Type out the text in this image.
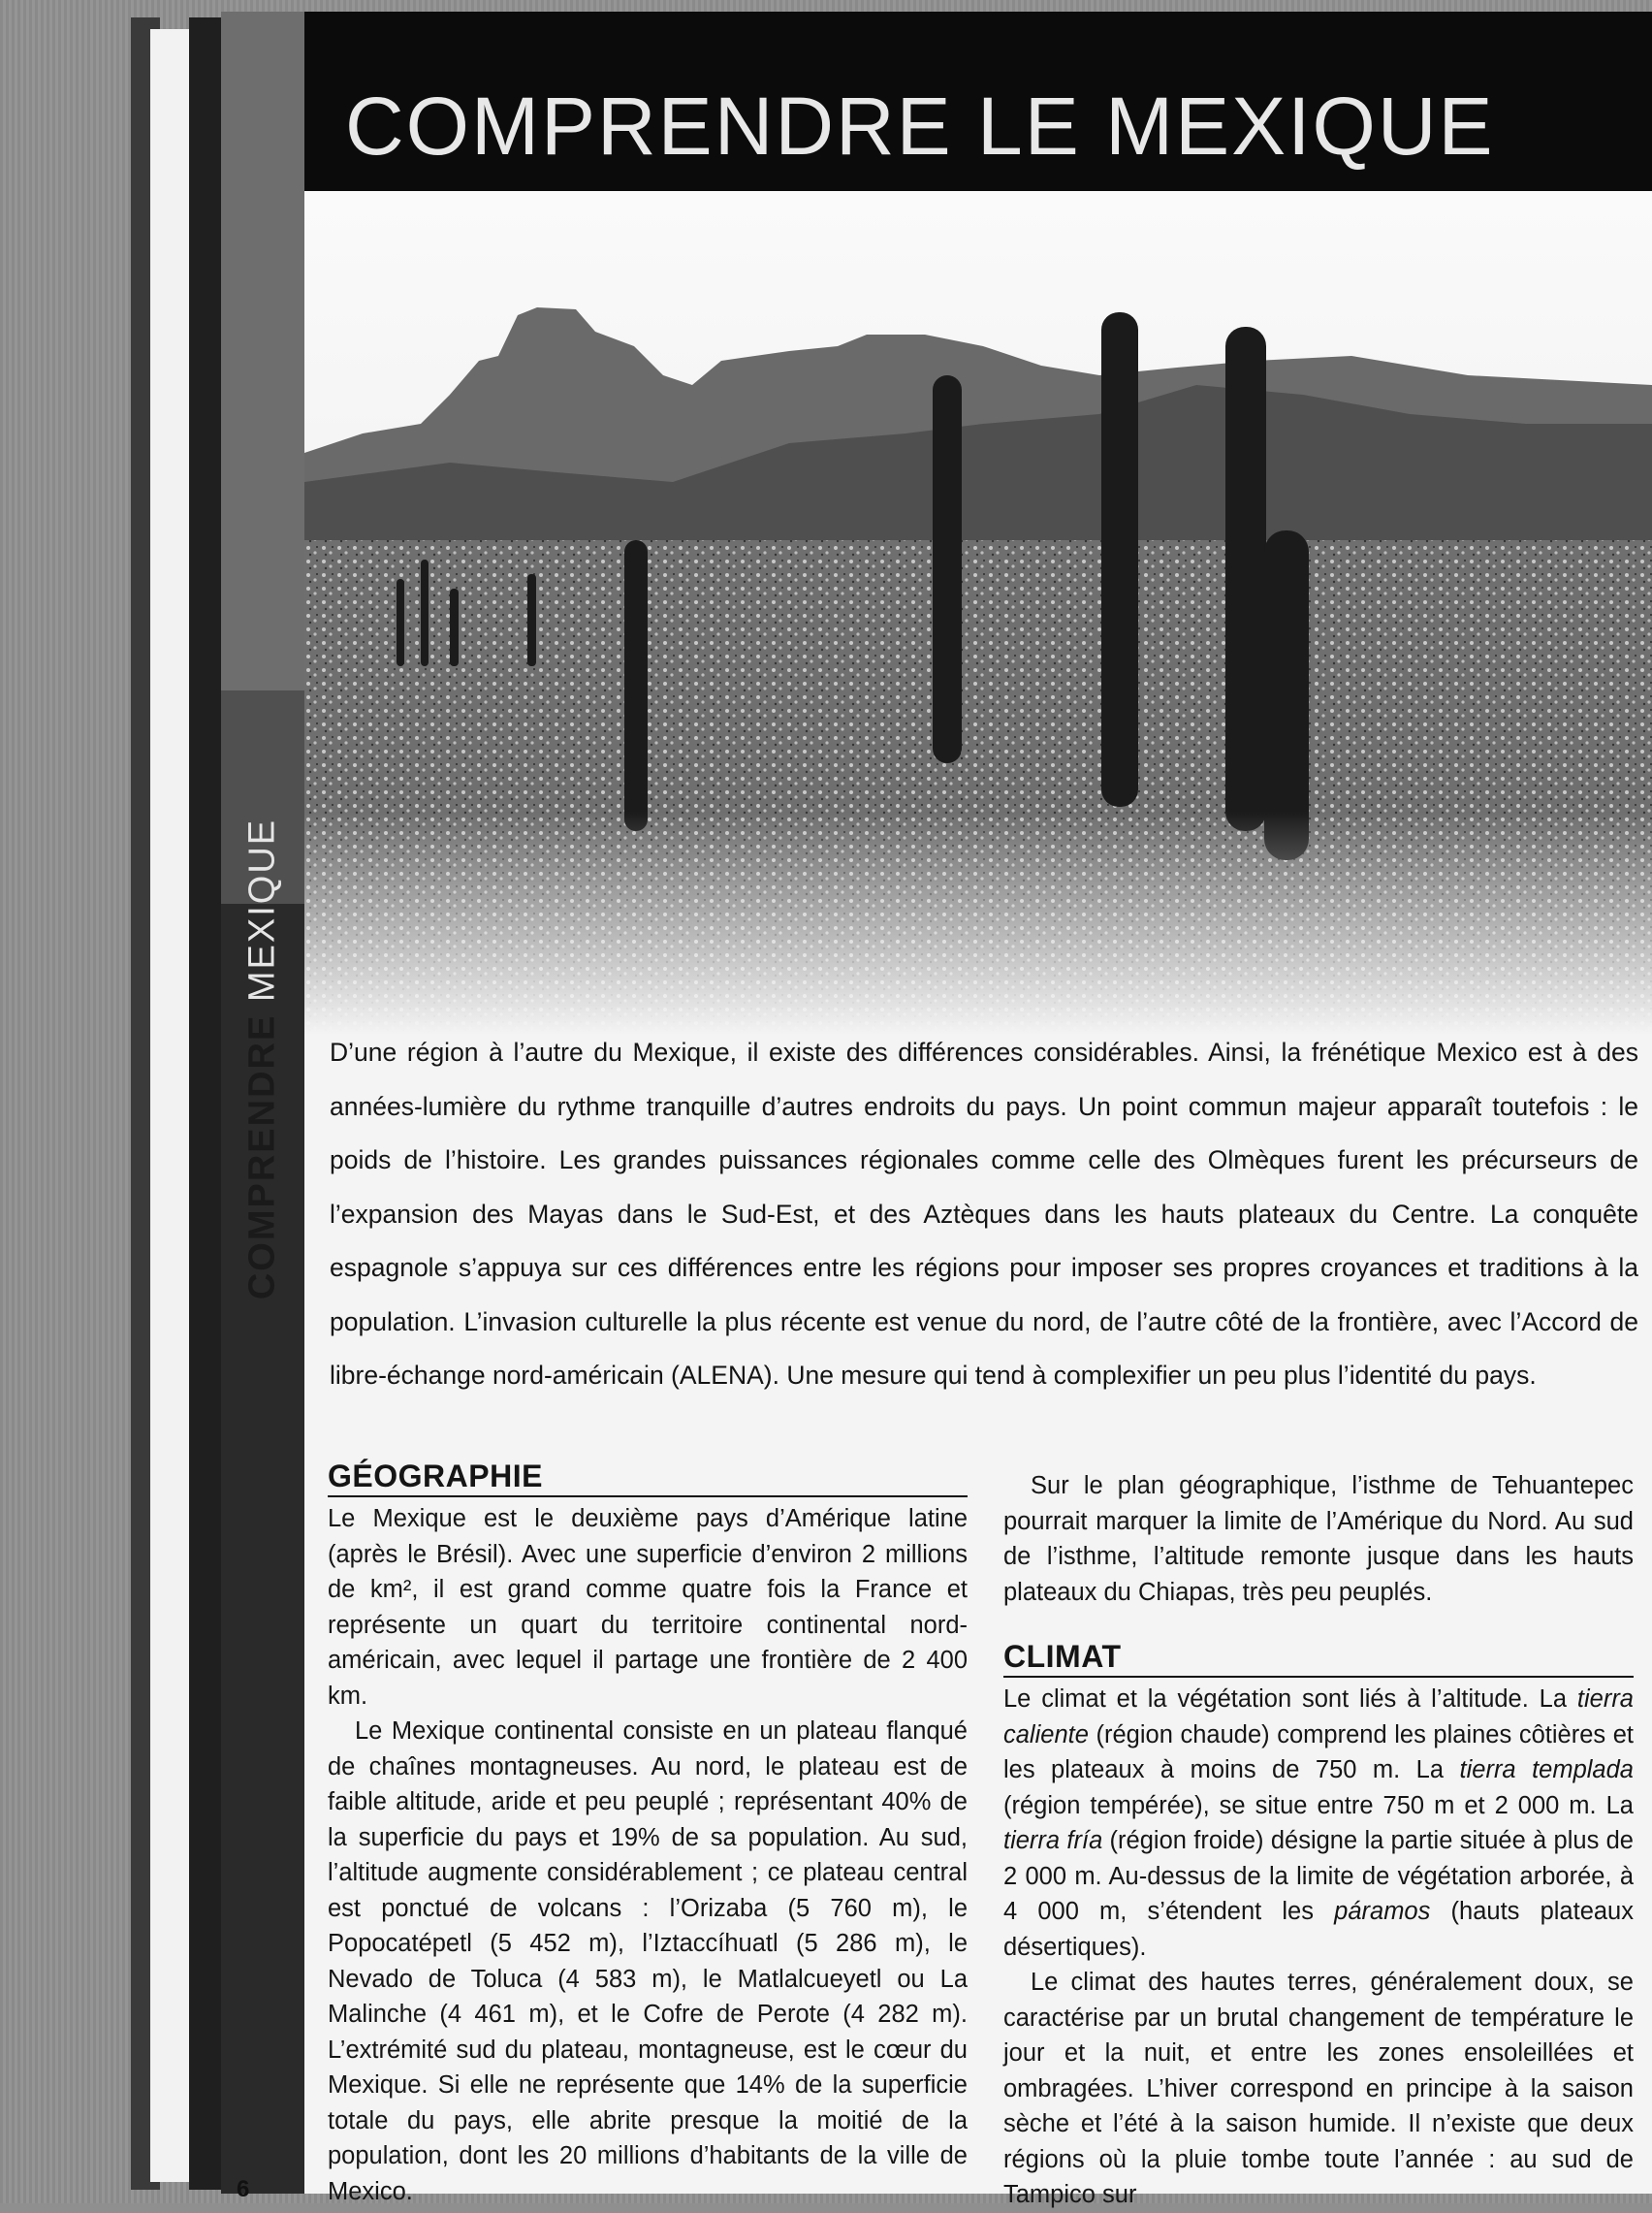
COMPRENDRE MEXIQUE
COMPRENDRE LE MEXIQUE

D’une région à l’autre du Mexique, il existe des différences considérables. Ainsi, la frénétique Mexico est à des années-lumière du rythme tranquille d’autres endroits du pays. Un point commun majeur apparaît toutefois : le poids de l’histoire. Les grandes puissances régionales comme celle des Olmèques furent les précurseurs de l’expansion des Mayas dans le Sud-Est, et des Aztèques dans les hauts plateaux du Centre. La conquête espagnole s’appuya sur ces différences entre les régions pour imposer ses propres croyances et traditions à la population. L’invasion culturelle la plus récente est venue du nord, de l’autre côté de la frontière, avec l’Accord de libre-échange nord-américain (ALENA). Une mesure qui tend à complexifier un peu plus l’identité du pays.

GÉOGRAPHIE

Le Mexique est le deuxième pays d’Amérique latine (après le Brésil). Avec une superficie d’environ 2 millions de km², il est grand comme quatre fois la France et représente un quart du territoire continental nord-américain, avec lequel il partage une frontière de 2 400 km.

Le Mexique continental consiste en un plateau flanqué de chaînes montagneuses. Au nord, le plateau est de faible altitude, aride et peu peuplé ; représentant 40% de la superficie du pays et 19% de sa population. Au sud, l’altitude augmente considérablement ; ce plateau central est ponctué de volcans : l’Orizaba (5 760 m), le Popocatépetl (5 452 m), l’Iztaccíhuatl (5 286 m), le Nevado de Toluca (4 583 m), le Matlalcueyetl ou La Malinche (4 461 m), et le Cofre de Perote (4 282 m). L’extrémité sud du plateau, montagneuse, est le cœur du Mexique. Si elle ne représente que 14% de la superficie totale du pays, elle abrite presque la moitié de la population, dont les 20 millions d’habitants de la ville de Mexico.

Sur le plan géographique, l’isthme de Tehuantepec pourrait marquer la limite de l’Amérique du Nord. Au sud de l’isthme, l’altitude remonte jusque dans les hauts plateaux du Chiapas, très peu peuplés.

CLIMAT

Le climat et la végétation sont liés à l’altitude. La tierra caliente (région chaude) comprend les plaines côtières et les plateaux à moins de 750 m. La tierra templada (région tempérée), se situe entre 750 m et 2 000 m. La tierra fría (région froide) désigne la partie située à plus de 2 000 m. Au-dessus de la limite de végétation arborée, à 4 000 m, s’étendent les páramos (hauts plateaux désertiques).

Le climat des hautes terres, généralement doux, se caractérise par un brutal changement de température le jour et la nuit, et entre les zones ensoleillées et ombragées. L’hiver correspond en principe à la saison sèche et l’été à la saison humide. Il n’existe que deux régions où la pluie tombe toute l’année : au sud de Tampico sur

6
